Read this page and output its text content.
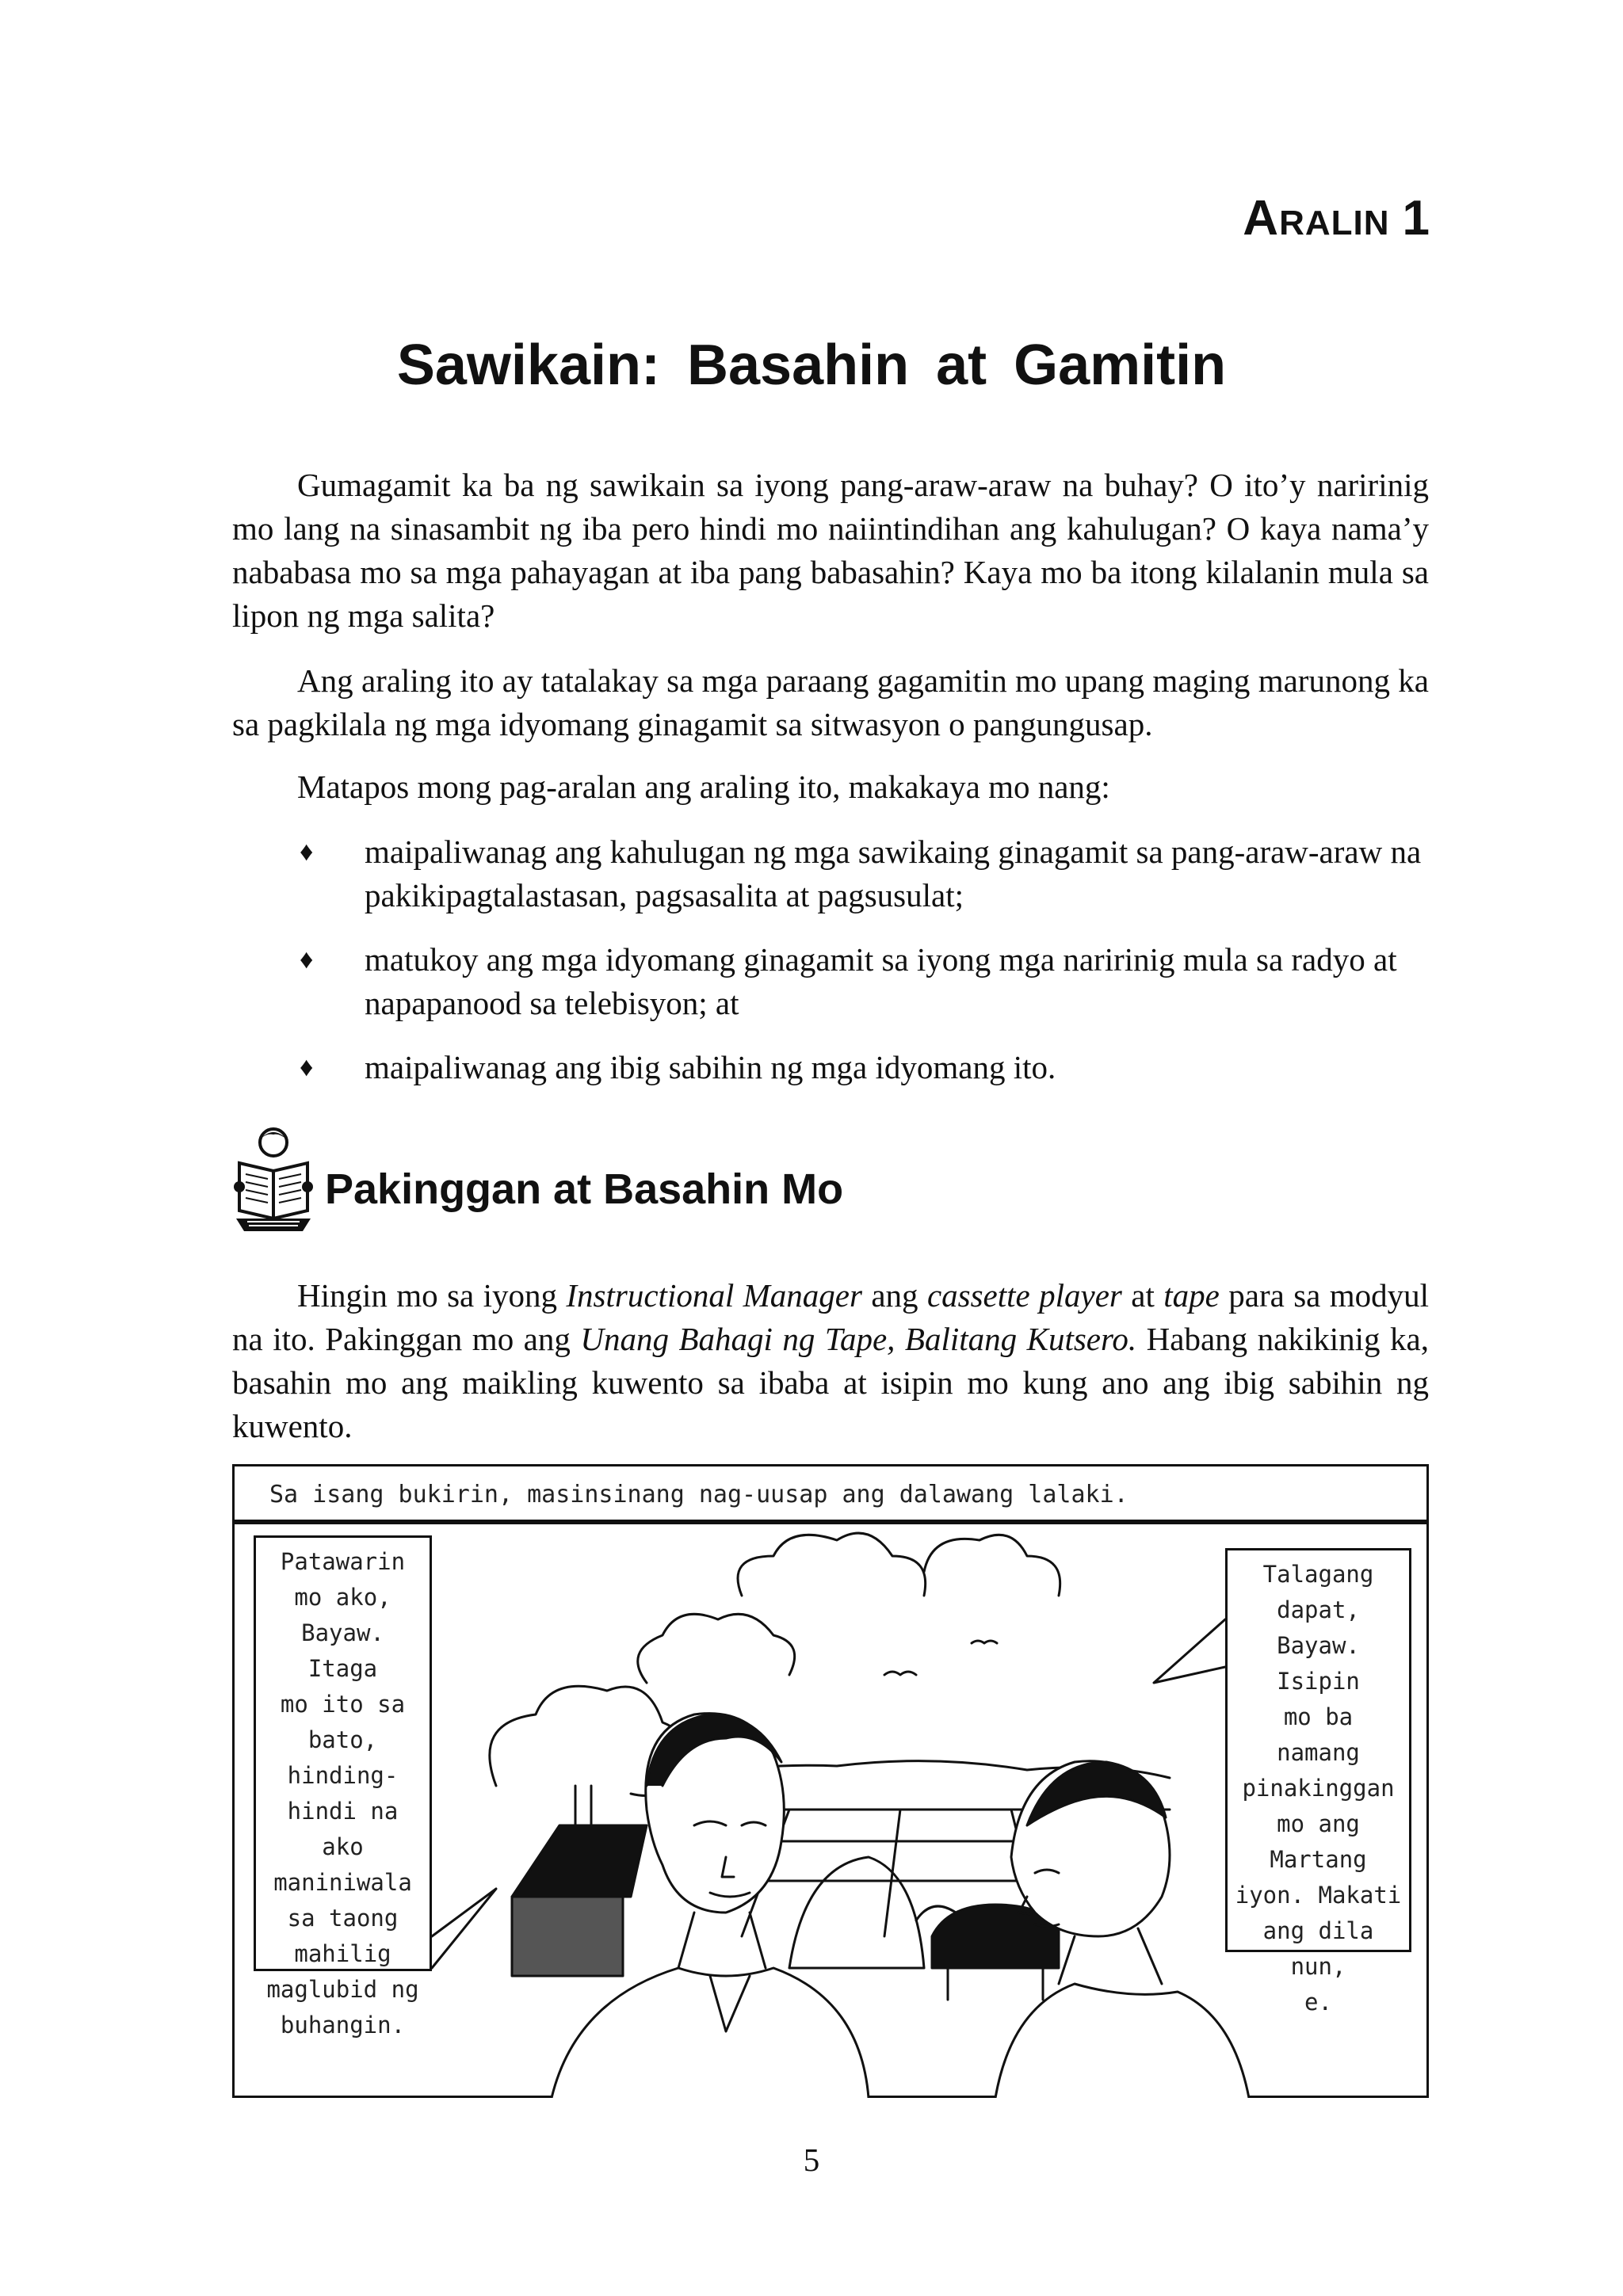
ARALIN 1
Sawikain: Basahin at Gamitin

Gumagamit ka ba ng sawikain sa iyong pang-araw-araw na buhay? O ito’y naririnig mo lang na sinasambit ng iba pero hindi mo naiintindihan ang kahulugan? O kaya nama’y nababasa mo sa mga pahayagan at iba pang babasahin? Kaya mo ba itong kilalanin mula sa lipon ng mga salita?

Ang araling ito ay tatalakay sa mga paraang gagamitin mo upang maging marunong ka sa pagkilala ng mga idyomang ginagamit sa sitwasyon o pangungusap.

Matapos mong pag-aralan ang araling ito, makakaya mo nang:

♦ maipaliwanag ang kahulugan ng mga sawikaing ginagamit sa pang-araw-araw na pakikipagtalastasan, pagsasalita at pagsusulat;
♦ matukoy ang mga idyomang ginagamit sa iyong mga naririnig mula sa radyo at napapanood sa telebisyon; at
♦ maipaliwanag ang ibig sabihin ng mga idyomang ito.
Pakinggan at Basahin Mo

Hingin mo sa iyong Instructional Manager ang cassette player at tape para sa modyul na ito. Pakinggan mo ang Unang Bahagi ng Tape, Balitang Kutsero. Habang nakikinig ka, basahin mo ang maikling kuwento sa ibaba at isipin mo kung ano ang ibig sabihin ng kuwento.

Sa isang bukirin, masinsinang nag-uusap ang dalawang lalaki.
Patawarin
mo ako,
Bayaw. Itaga
mo ito sa
bato,
hinding-
hindi na ako
maniniwala
sa taong
mahilig
maglubid ng
buhangin.
Talagang
dapat,
Bayaw. Isipin
mo ba
namang
pinakinggan
mo ang
Martang
iyon. Makati
ang dila nun,
e.
5
